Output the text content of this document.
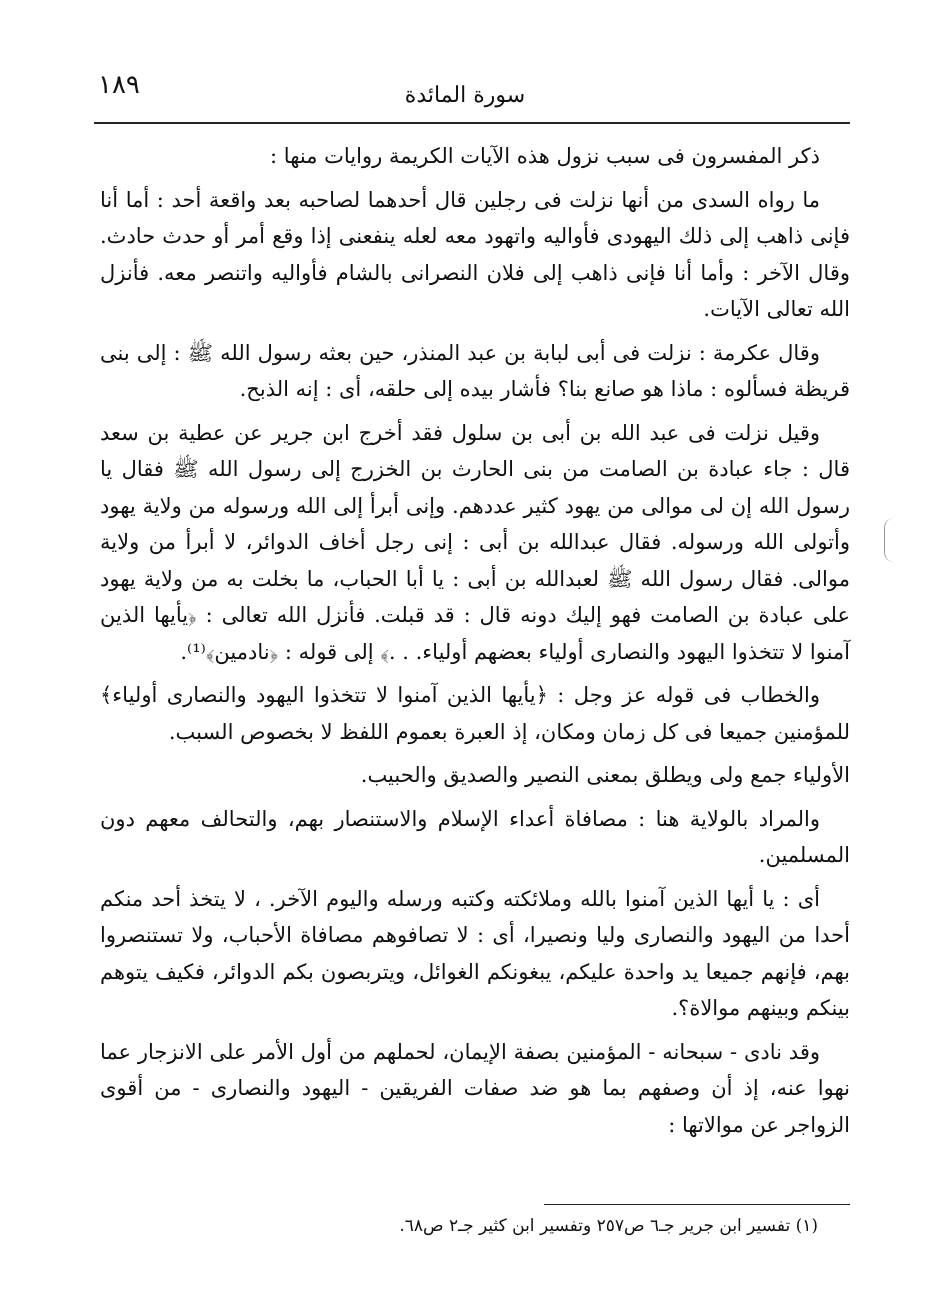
١٨٩	سورة المائدة

ذكر المفسرون فى سبب نزول هذه الآيات الكريمة روايات منها :

ما رواه السدى من أنها نزلت فى رجلين قال أحدهما لصاحبه بعد واقعة أحد : أما أنا فإنى ذاهب إلى ذلك اليهودى فأواليه واتهود معه لعله ينفعنى إذا وقع أمر أو حدث حادث. وقال الآخر : وأما أنا فإنى ذاهب إلى فلان النصرانى بالشام فأواليه واتنصر معه. فأنزل الله تعالى الآيات.

وقال عكرمة : نزلت فى أبى لبابة بن عبد المنذر، حين بعثه رسول الله ﷺ : إلى بنى قريظة فسألوه : ماذا هو صانع بنا؟ فأشار بيده إلى حلقه، أى : إنه الذبح.

وقيل نزلت فى عبد الله بن أبى بن سلول فقد أخرج ابن جرير عن عطية بن سعد قال : جاء عبادة بن الصامت من بنى الحارث بن الخزرج إلى رسول الله ﷺ فقال يا رسول الله إن لى موالى من يهود كثير عددهم. وإنى أبرأ إلى الله ورسوله من ولاية يهود وأتولى الله ورسوله. فقال عبدالله بن أبى : إنى رجل أخاف الدوائر، لا أبرأ من ولاية موالى. فقال رسول الله ﷺ لعبدالله بن أبى : يا أبا الحباب، ما بخلت به من ولاية يهود على عبادة بن الصامت فهو إليك دونه قال : قد قبلت. فأنزل الله تعالى : ﴿يأيها الذين آمنوا لا تتخذوا اليهود والنصارى أولياء بعضهم أولياء. . .﴾ إلى قوله : ﴿نادمين﴾⁽¹⁾.

والخطاب فى قوله عز وجل : ﴿يأيها الذين آمنوا لا تتخذوا اليهود والنصارى أولياء﴾ للمؤمنين جميعا فى كل زمان ومكان، إذ العبرة بعموم اللفظ لا بخصوص السبب.

الأولياء جمع ولى ويطلق بمعنى النصير والصديق والحبيب.

والمراد بالولاية هنا : مصافاة أعداء الإسلام والاستنصار بهم، والتحالف معهم دون المسلمين.

أى : يا أيها الذين آمنوا بالله وملائكته وكتبه ورسله واليوم الآخر. ، لا يتخذ أحد منكم أحدا من اليهود والنصارى وليا ونصيرا، أى : لا تصافوهم مصافاة الأحباب، ولا تستنصروا بهم، فإنهم جميعا يد واحدة عليكم، يبغونكم الغوائل، ويتربصون بكم الدوائر، فكيف يتوهم بينكم وبينهم موالاة؟.

وقد نادى - سبحانه - المؤمنين بصفة الإيمان، لحملهم من أول الأمر على الانزجار عما نهوا عنه، إذ أن وصفهم بما هو ضد صفات الفريقين - اليهود والنصارى - من أقوى الزواجر عن موالاتها :

(١) تفسير ابن جرير جـ٦ ص٢٥٧ وتفسير ابن كثير جـ٢ ص٦٨.
